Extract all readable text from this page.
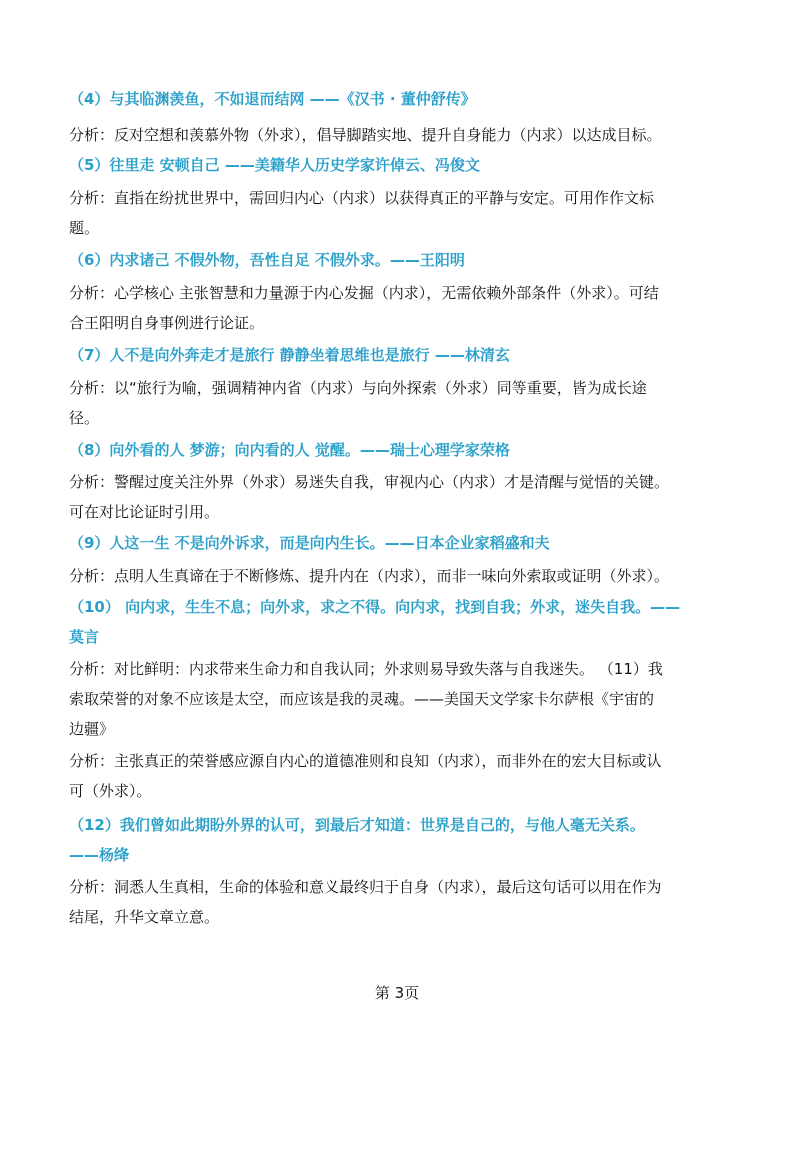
（4）与其临渊羡鱼，不如退而结网 ——《汉书 · 董仲舒传》
分析：反对空想和羡慕外物（外求），倡导脚踏实地、提升自身能力（内求）以达成目标。
（5）往里走 安顿自己 ——美籍华人历史学家许倬云、冯俊文
分析：直指在纷扰世界中，需回归内心（内求）以获得真正的平静与安定。可用作作文标
题。
（6）内求诸己 不假外物，吾性自足 不假外求。——王阳明
分析：心学核心 主张智慧和力量源于内心发掘（内求），无需依赖外部条件（外求）。可结
合王阳明自身事例进行论证。
（7）人不是向外奔走才是旅行 静静坐着思维也是旅行 ——林清玄
分析：以“旅行为喻，强调精神内省（内求）与向外探索（外求）同等重要，皆为成长途
径。
（8）向外看的人 梦游；向内看的人 觉醒。——瑞士心理学家荣格
分析：警醒过度关注外界（外求）易迷失自我，审视内心（内求）才是清醒与觉悟的关键。
可在对比论证时引用。
（9）人这一生 不是向外诉求，而是向内生长。——日本企业家稻盛和夫
分析：点明人生真谛在于不断修炼、提升内在（内求），而非一味向外索取或证明（外求）。
（10） 向内求，生生不息；向外求，求之不得。向内求，找到自我；外求，迷失自我。——
莫言
分析：对比鲜明：内求带来生命力和自我认同；外求则易导致失落与自我迷失。 （11）我
索取荣誉的对象不应该是太空，而应该是我的灵魂。——美国天文学家卡尔萨根《宇宙的
边疆》
分析：主张真正的荣誉感应源自内心的道德准则和良知（内求），而非外在的宏大目标或认
可（外求）。
（12）我们曾如此期盼外界的认可，到最后才知道：世界是自己的，与他人毫无关系。
——杨绛
分析：洞悉人生真相，生命的体验和意义最终归于自身（内求），最后这句话可以用在作为
结尾，升华文章立意。
第 3页
